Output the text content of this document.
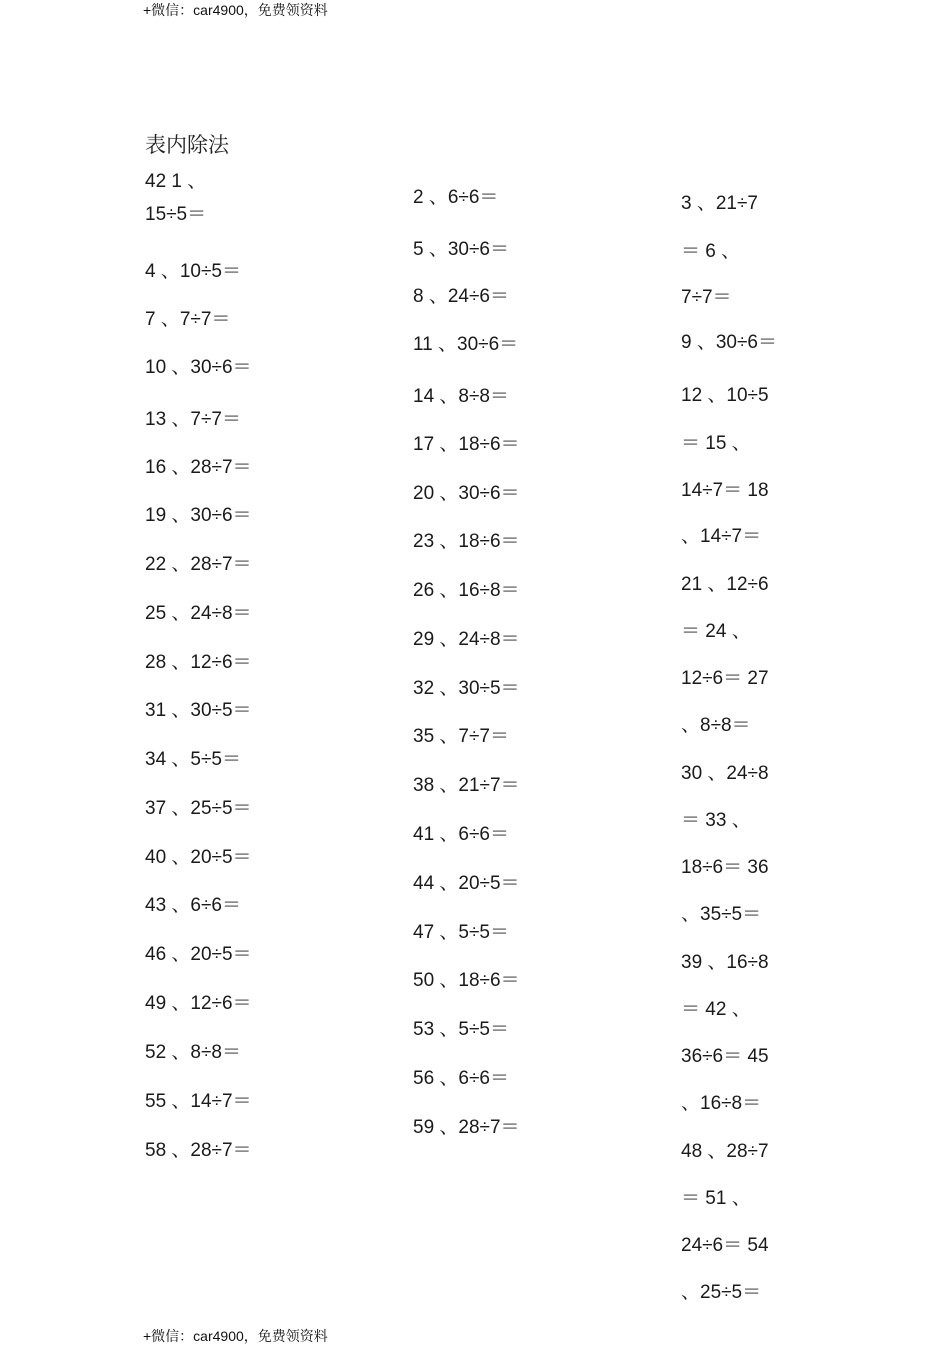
+微信：car4900，免费领资料
表内除法
42 1 、
15÷5＝
4 、10÷5＝
7 、7÷7＝
10 、30÷6＝
13 、7÷7＝
16 、28÷7＝
19 、30÷6＝
22 、28÷7＝
25 、24÷8＝
28 、12÷6＝
31 、30÷5＝
34 、5÷5＝
37 、25÷5＝
40 、20÷5＝
43 、6÷6＝
46 、20÷5＝
49 、12÷6＝
52 、8÷8＝
55 、14÷7＝
58 、28÷7＝
2 、6÷6＝
5 、30÷6＝
8 、24÷6＝
11 、30÷6＝
14 、8÷8＝
17 、18÷6＝
20 、30÷6＝
23 、18÷6＝
26 、16÷8＝
29 、24÷8＝
32 、30÷5＝
35 、7÷7＝
38 、21÷7＝
41 、6÷6＝
44 、20÷5＝
47 、5÷5＝
50 、18÷6＝
53 、5÷5＝
56 、6÷6＝
59 、28÷7＝
3 、21÷7
＝ 6 、
7÷7＝
9 、30÷6＝
12 、10÷5
＝ 15 、
14÷7＝ 18
、14÷7＝
21 、12÷6
＝ 24 、
12÷6＝ 27
、8÷8＝
30 、24÷8
＝ 33 、
18÷6＝ 36
、35÷5＝
39 、16÷8
＝ 42 、
36÷6＝ 45
、16÷8＝
48 、28÷7
＝ 51 、
24÷6＝ 54
、25÷5＝
+微信：car4900，免费领资料
